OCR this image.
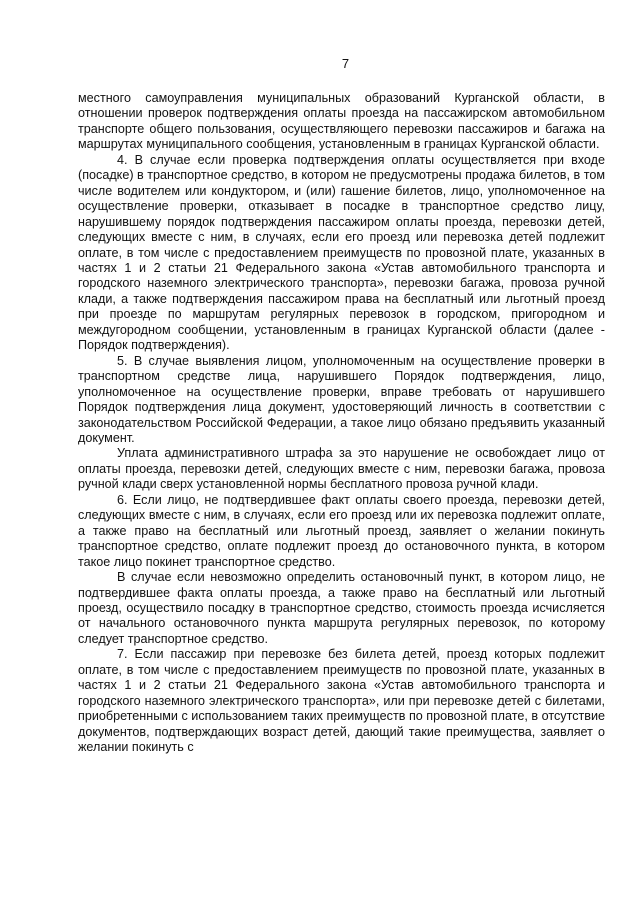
7

местного самоуправления муниципальных образований Курганской области, в отношении проверок подтверждения оплаты проезда на пассажирском автомобильном транспорте общего пользования, осуществляющего перевозки пассажиров и багажа на маршрутах муниципального сообщения, установленным в границах Курганской области.

4. В случае если проверка подтверждения оплаты осуществляется при входе (посадке) в транспортное средство, в котором не предусмотрены продажа билетов, в том числе водителем или кондуктором, и (или) гашение билетов, лицо, уполномоченное на осуществление проверки, отказывает в посадке в транспортное средство лицу, нарушившему порядок подтверждения пассажиром оплаты проезда, перевозки детей, следующих вместе с ним, в случаях, если его проезд или перевозка детей подлежит оплате, в том числе с предоставлением преимуществ по провозной плате, указанных в частях 1 и 2 статьи 21 Федерального закона «Устав автомобильного транспорта и городского наземного электрического транспорта», перевозки багажа, провоза ручной клади, а также подтверждения пассажиром права на бесплатный или льготный проезд при проезде по маршрутам регулярных перевозок в городском, пригородном и междугородном сообщении, установленным в границах Курганской области (далее - Порядок подтверждения).

5. В случае выявления лицом, уполномоченным на осуществление проверки в транспортном средстве лица, нарушившего Порядок подтверждения, лицо, уполномоченное на осуществление проверки, вправе требовать от нарушившего Порядок подтверждения лица документ, удостоверяющий личность в соответствии с законодательством Российской Федерации, а такое лицо обязано предъявить указанный документ.

Уплата административного штрафа за это нарушение не освобождает лицо от оплаты проезда, перевозки детей, следующих вместе с ним, перевозки багажа, провоза ручной клади сверх установленной нормы бесплатного провоза ручной клади.

6. Если лицо, не подтвердившее факт оплаты своего проезда, перевозки детей, следующих вместе с ним, в случаях, если его проезд или их перевозка подлежит оплате, а также право на бесплатный или льготный проезд, заявляет о желании покинуть транспортное средство, оплате подлежит проезд до остановочного пункта, в котором такое лицо покинет транспортное средство.

В случае если невозможно определить остановочный пункт, в котором лицо, не подтвердившее факта оплаты проезда, а также право на бесплатный или льготный проезд, осуществило посадку в транспортное средство, стоимость проезда исчисляется от начального остановочного пункта маршрута регулярных перевозок, по которому следует транспортное средство.

7. Если пассажир при перевозке без билета детей, проезд которых подлежит оплате, в том числе с предоставлением преимуществ по провозной плате, указанных в частях 1 и 2 статьи 21 Федерального закона «Устав автомобильного транспорта и городского наземного электрического транспорта», или при перевозке детей с билетами, приобретенными с использованием таких преимуществ по провозной плате, в отсутствие документов, подтверждающих возраст детей, дающий такие преимущества, заявляет о желании покинуть с
